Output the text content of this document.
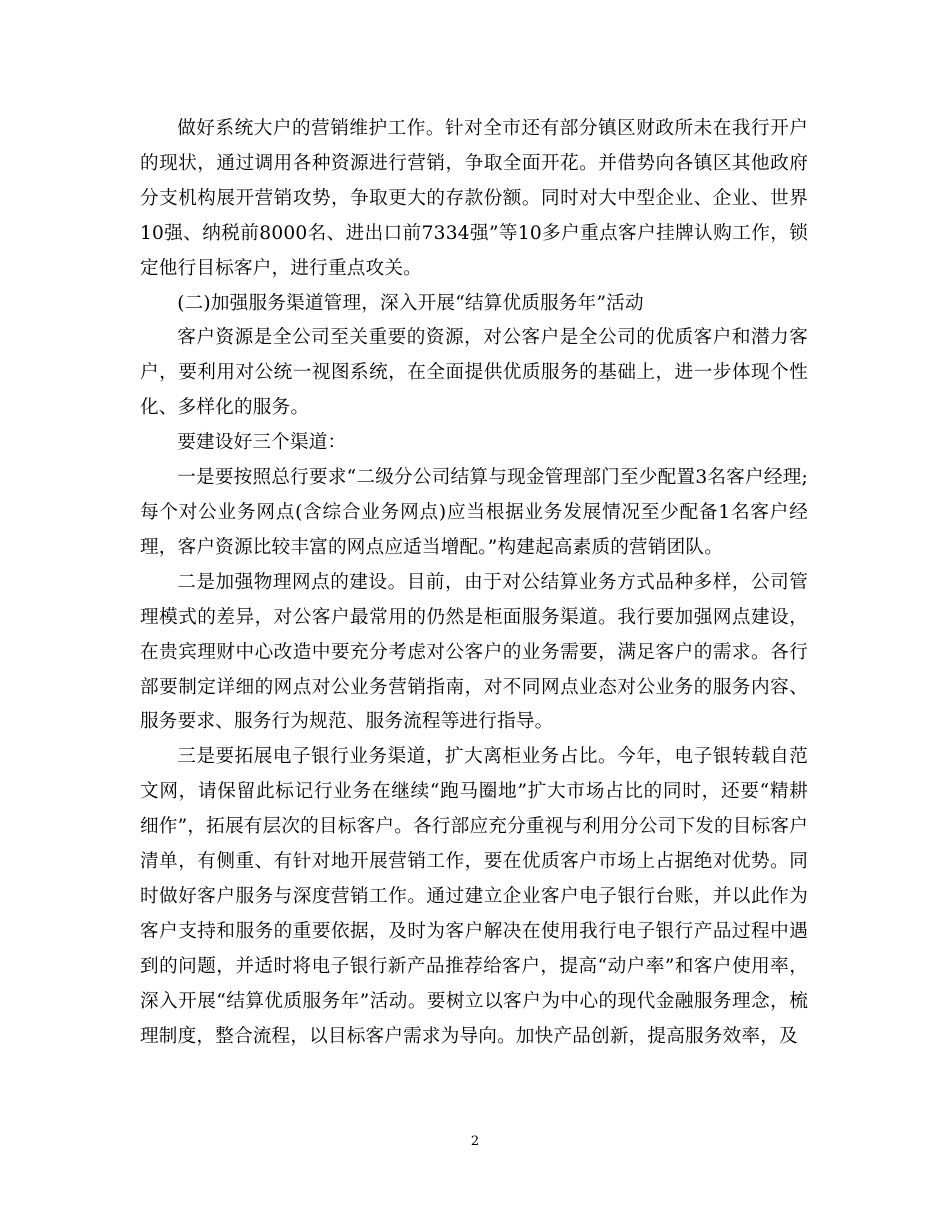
做好系统大户的营销维护工作。针对全市还有部分镇区财政所未在我行开户的现状，通过调用各种资源进行营销，争取全面开花。并借势向各镇区其他政府分支机构展开营销攻势，争取更大的存款份额。同时对大中型企业、企业、世界10强、纳税前8000名、进出口前7334强”等10多户重点客户挂牌认购工作，锁定他行目标客户，进行重点攻关。

(二)加强服务渠道管理，深入开展“结算优质服务年”活动

客户资源是全公司至关重要的资源，对公客户是全公司的优质客户和潜力客户，要利用对公统一视图系统，在全面提供优质服务的基础上，进一步体现个性化、多样化的服务。

要建设好三个渠道：

一是要按照总行要求“二级分公司结算与现金管理部门至少配置3名客户经理;每个对公业务网点(含综合业务网点)应当根据业务发展情况至少配备1名客户经理，客户资源比较丰富的网点应适当增配。”构建起高素质的营销团队。

二是加强物理网点的建设。目前，由于对公结算业务方式品种多样，公司管理模式的差异，对公客户最常用的仍然是柜面服务渠道。我行要加强网点建设，在贵宾理财中心改造中要充分考虑对公客户的业务需要，满足客户的需求。各行部要制定详细的网点对公业务营销指南，对不同网点业态对公业务的服务内容、服务要求、服务行为规范、服务流程等进行指导。

三是要拓展电子银行业务渠道，扩大离柜业务占比。今年，电子银转载自范文网，请保留此标记行业务在继续“跑马圈地”扩大市场占比的同时，还要“精耕细作”，拓展有层次的目标客户。各行部应充分重视与利用分公司下发的目标客户清单，有侧重、有针对地开展营销工作，要在优质客户市场上占据绝对优势。同时做好客户服务与深度营销工作。通过建立企业客户电子银行台账，并以此作为客户支持和服务的重要依据，及时为客户解决在使用我行电子银行产品过程中遇到的问题，并适时将电子银行新产品推荐给客户，提高“动户率”和客户使用率，深入开展“结算优质服务年”活动。要树立以客户为中心的现代金融服务理念，梳理制度，整合流程，以目标客户需求为导向。加快产品创新，提高服务效率，及

2
